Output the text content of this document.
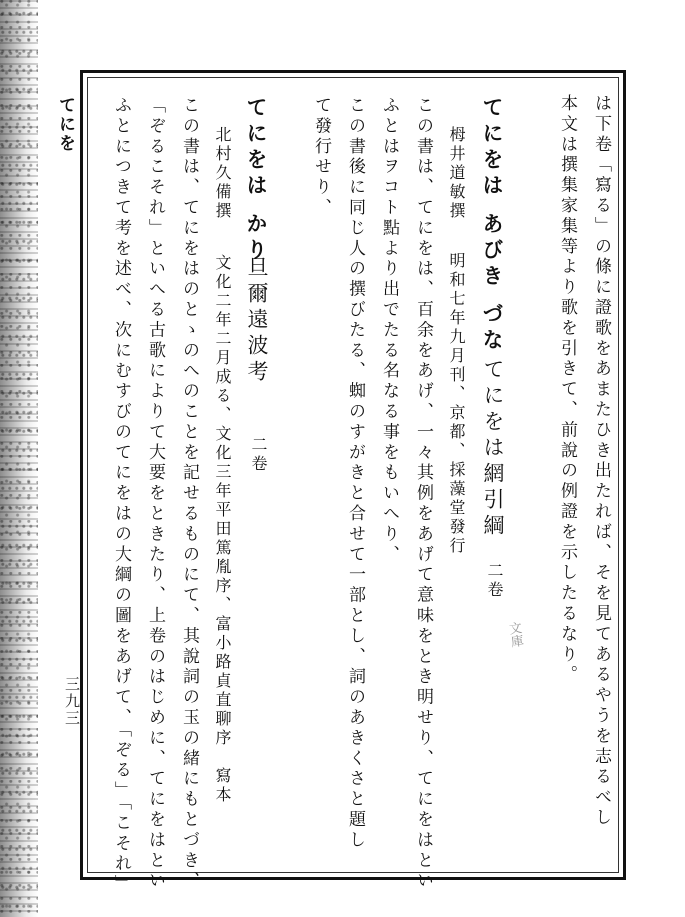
てにを
三九三	は下卷「寫る」の條に證歌をあまたひき出たれば、そを見てあるやうを志るべし
本文は撰集家集等より歌を引きて、前說の例證を示したるなり。
てにをは あびき づな
てにをは網引綱
二卷
栂井道敏撰
明和七年九月刊、京都、採藻堂發行
この書は、てにをは、百余をあげ、一々其例をあげて意味をとき明せり、てにをはとい
ふとはヲコト點より出でたる名なる事をもいへり、
この書後に同じ人の撰びたる、蜘のすがきと合せて一部とし、詞のあきくさと題し
て發行せり、
てにをは かり
旦爾遠波考
二卷
北村久備撰
文化二年二月成る、文化三年平田篤胤序、富小路貞直聊序　寫本
この書は、てにをはのとゝのへのことを記せるものにて、其說詞の玉の緒にもとづき、
「ぞるこそれ」といへる古歌によりて大要をときたり、上卷のはじめに、てにをはとい
ふとにつきて考を述べ、次にむすびのてにをはの大綱の圖をあげて、「ぞる」「こそれ」	文庫
